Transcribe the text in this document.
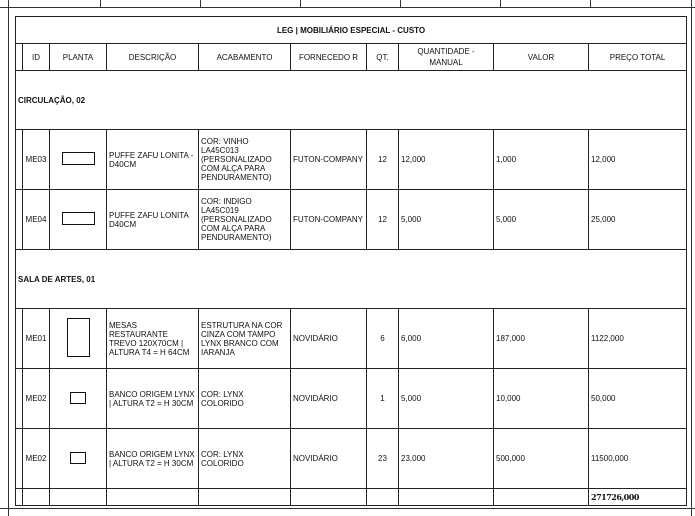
LEG | MOBILIÁRIO ESPECIAL - CUSTO									
	ID	PLANTA	DESCRIÇÃO	ACABAMENTO	FORNECEDO R	QT.	QUANTIDADE - MANUAL	VALOR	PREÇO TOTAL
CIRCULAÇÃO, 02									
	ME03		PUFFE ZAFU LONITA - D40CM	COR: VINHO LA45C013 (PERSONALIZADO COM ALÇA PARA PENDURAMENTO)	FUTON-COMPANY	12	12,000	1,000	12,000
	ME04		PUFFE ZAFU LONITA D40CM	COR: INDIGO LA45C019 (PERSONALIZADO COM ALÇA PARA PENDURAMENTO)	FUTON-COMPANY	12	5,000	5,000	25,000
SALA DE ARTES, 01									
	ME01		MESAS RESTAURANTE TREVO 120X70CM | ALTURA T4 = H 64CM	ESTRUTURA NA COR CINZA COM TAMPO LYNX BRANCO COM IARANJA	NOVIDÁRIO	6	6,000	187,000	1122,000
	ME02		BANCO ORIGEM LYNX | ALTURA T2 = H 30CM	COR: LYNX COLORIDO	NOVIDÁRIO	1	5,000	10,000	50,000
	ME02		BANCO ORIGEM LYNX | ALTURA T2 = H 30CM	COR: LYNX COLORIDO	NOVIDÁRIO	23	23,000	500,000	11500,000
									271726,000
